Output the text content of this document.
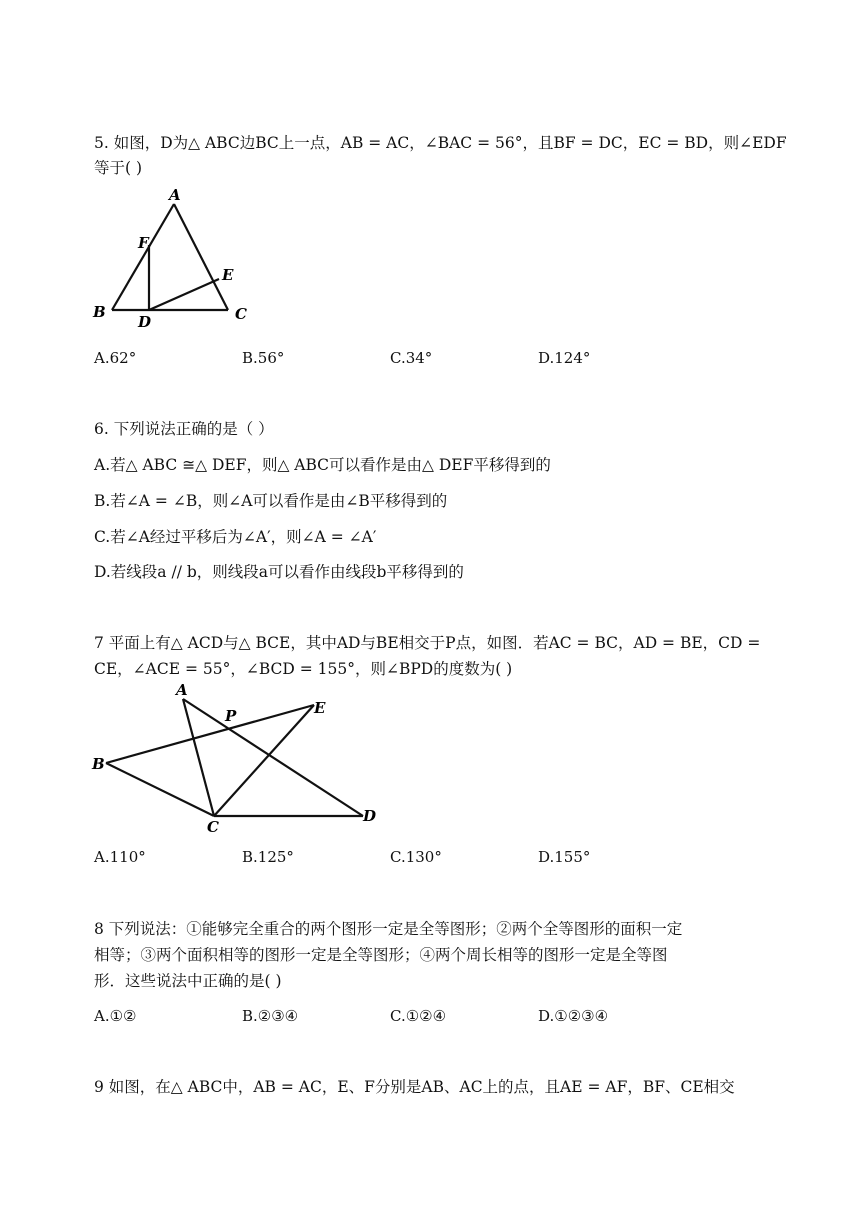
5. 如图，D为△ ABC边BC上一点，AB = AC，∠BAC = 56°，且BF = DC，EC = BD，则∠EDF
等于( )
A
F
E
B
D	C
A.62°	B.56°	C.34°	D.124°
6. 下列说法正确的是（ ）
A.若△ ABC ≅△ DEF，则△ ABC可以看作是由△ DEF平移得到的
B.若∠A = ∠B，则∠A可以看作是由∠B平移得到的
C.若∠A经过平移后为∠A′，则∠A = ∠A′
D.若线段a // b，则线段a可以看作由线段b平移得到的
7 平面上有△ ACD与△ BCE，其中AD与BE相交于P点，如图．若AC = BC，AD = BE，CD =
CE，∠ACE = 55°，∠BCD = 155°，则∠BPD的度数为( )
A
P	E
B
C
D
A.110°	B.125°	C.130°	D.155°
8 下列说法：①能够完全重合的两个图形一定是全等图形；②两个全等图形的面积一定
相等；③两个面积相等的图形一定是全等图形；④两个周长相等的图形一定是全等图
形．这些说法中正确的是( )
A.①②	B.②③④	C.①②④	D.①②③④
9 如图，在△ ABC中，AB = AC，E、F分别是AB、AC上的点，且AE = AF，BF、CE相交
